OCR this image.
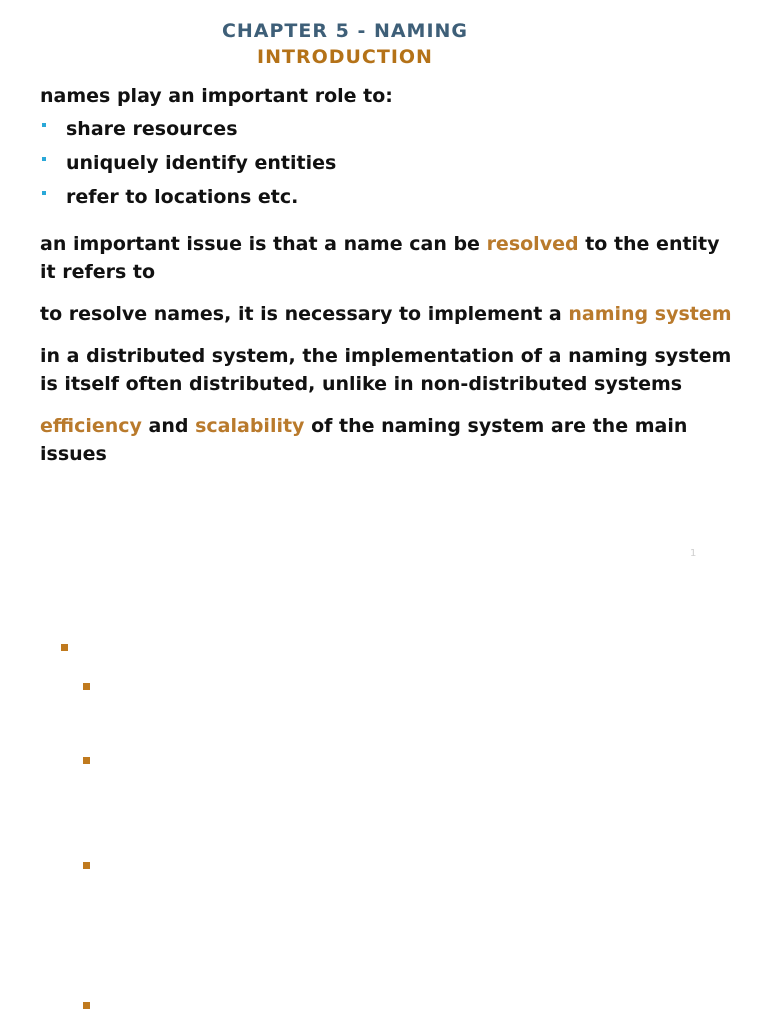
CHAPTER 5 - NAMING
INTRODUCTION

names play an important role to:

share resources
uniquely identify entities
refer to locations etc.

an important issue is that a name can be resolved to the entity it refers to

to resolve names, it is necessary to implement a naming system

in a distributed system, the implementation of a naming system is itself often distributed, unlike in non-distributed systems

efficiency and scalability of the naming system are the main issues

1
